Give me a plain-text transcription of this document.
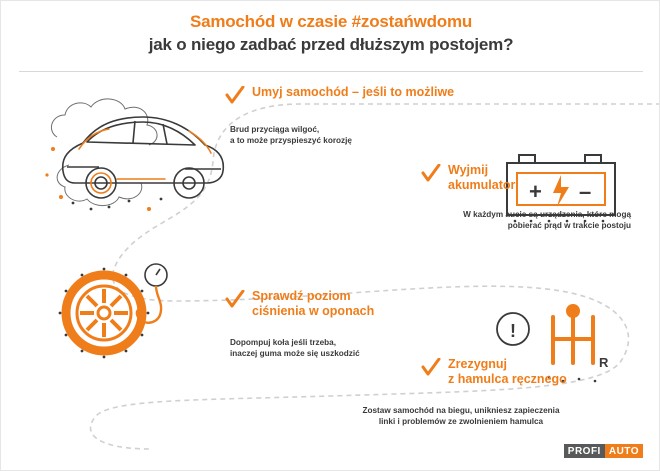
Samochód w czasie #zostańwdomu
jak o niego zadbać przed dłuższym postojem?
+ –
!
R
Umyj samochód – jeśli to możliwe
Brud przyciąga wilgoć,
a to może przyspieszyć korozję
Wyjmij
akumulator
W każdym aucie są urządzenia, które mogą
pobierać prąd w trakcie postoju
Sprawdź poziom
ciśnienia w oponach
Dopompuj koła jeśli trzeba,
inaczej guma może się uszkodzić
Zrezygnuj
z hamulca ręcznego
Zostaw samochód na biegu, unikniesz zapieczenia
linki i problemów ze zwolnieniem hamulca
PROFI AUTO
